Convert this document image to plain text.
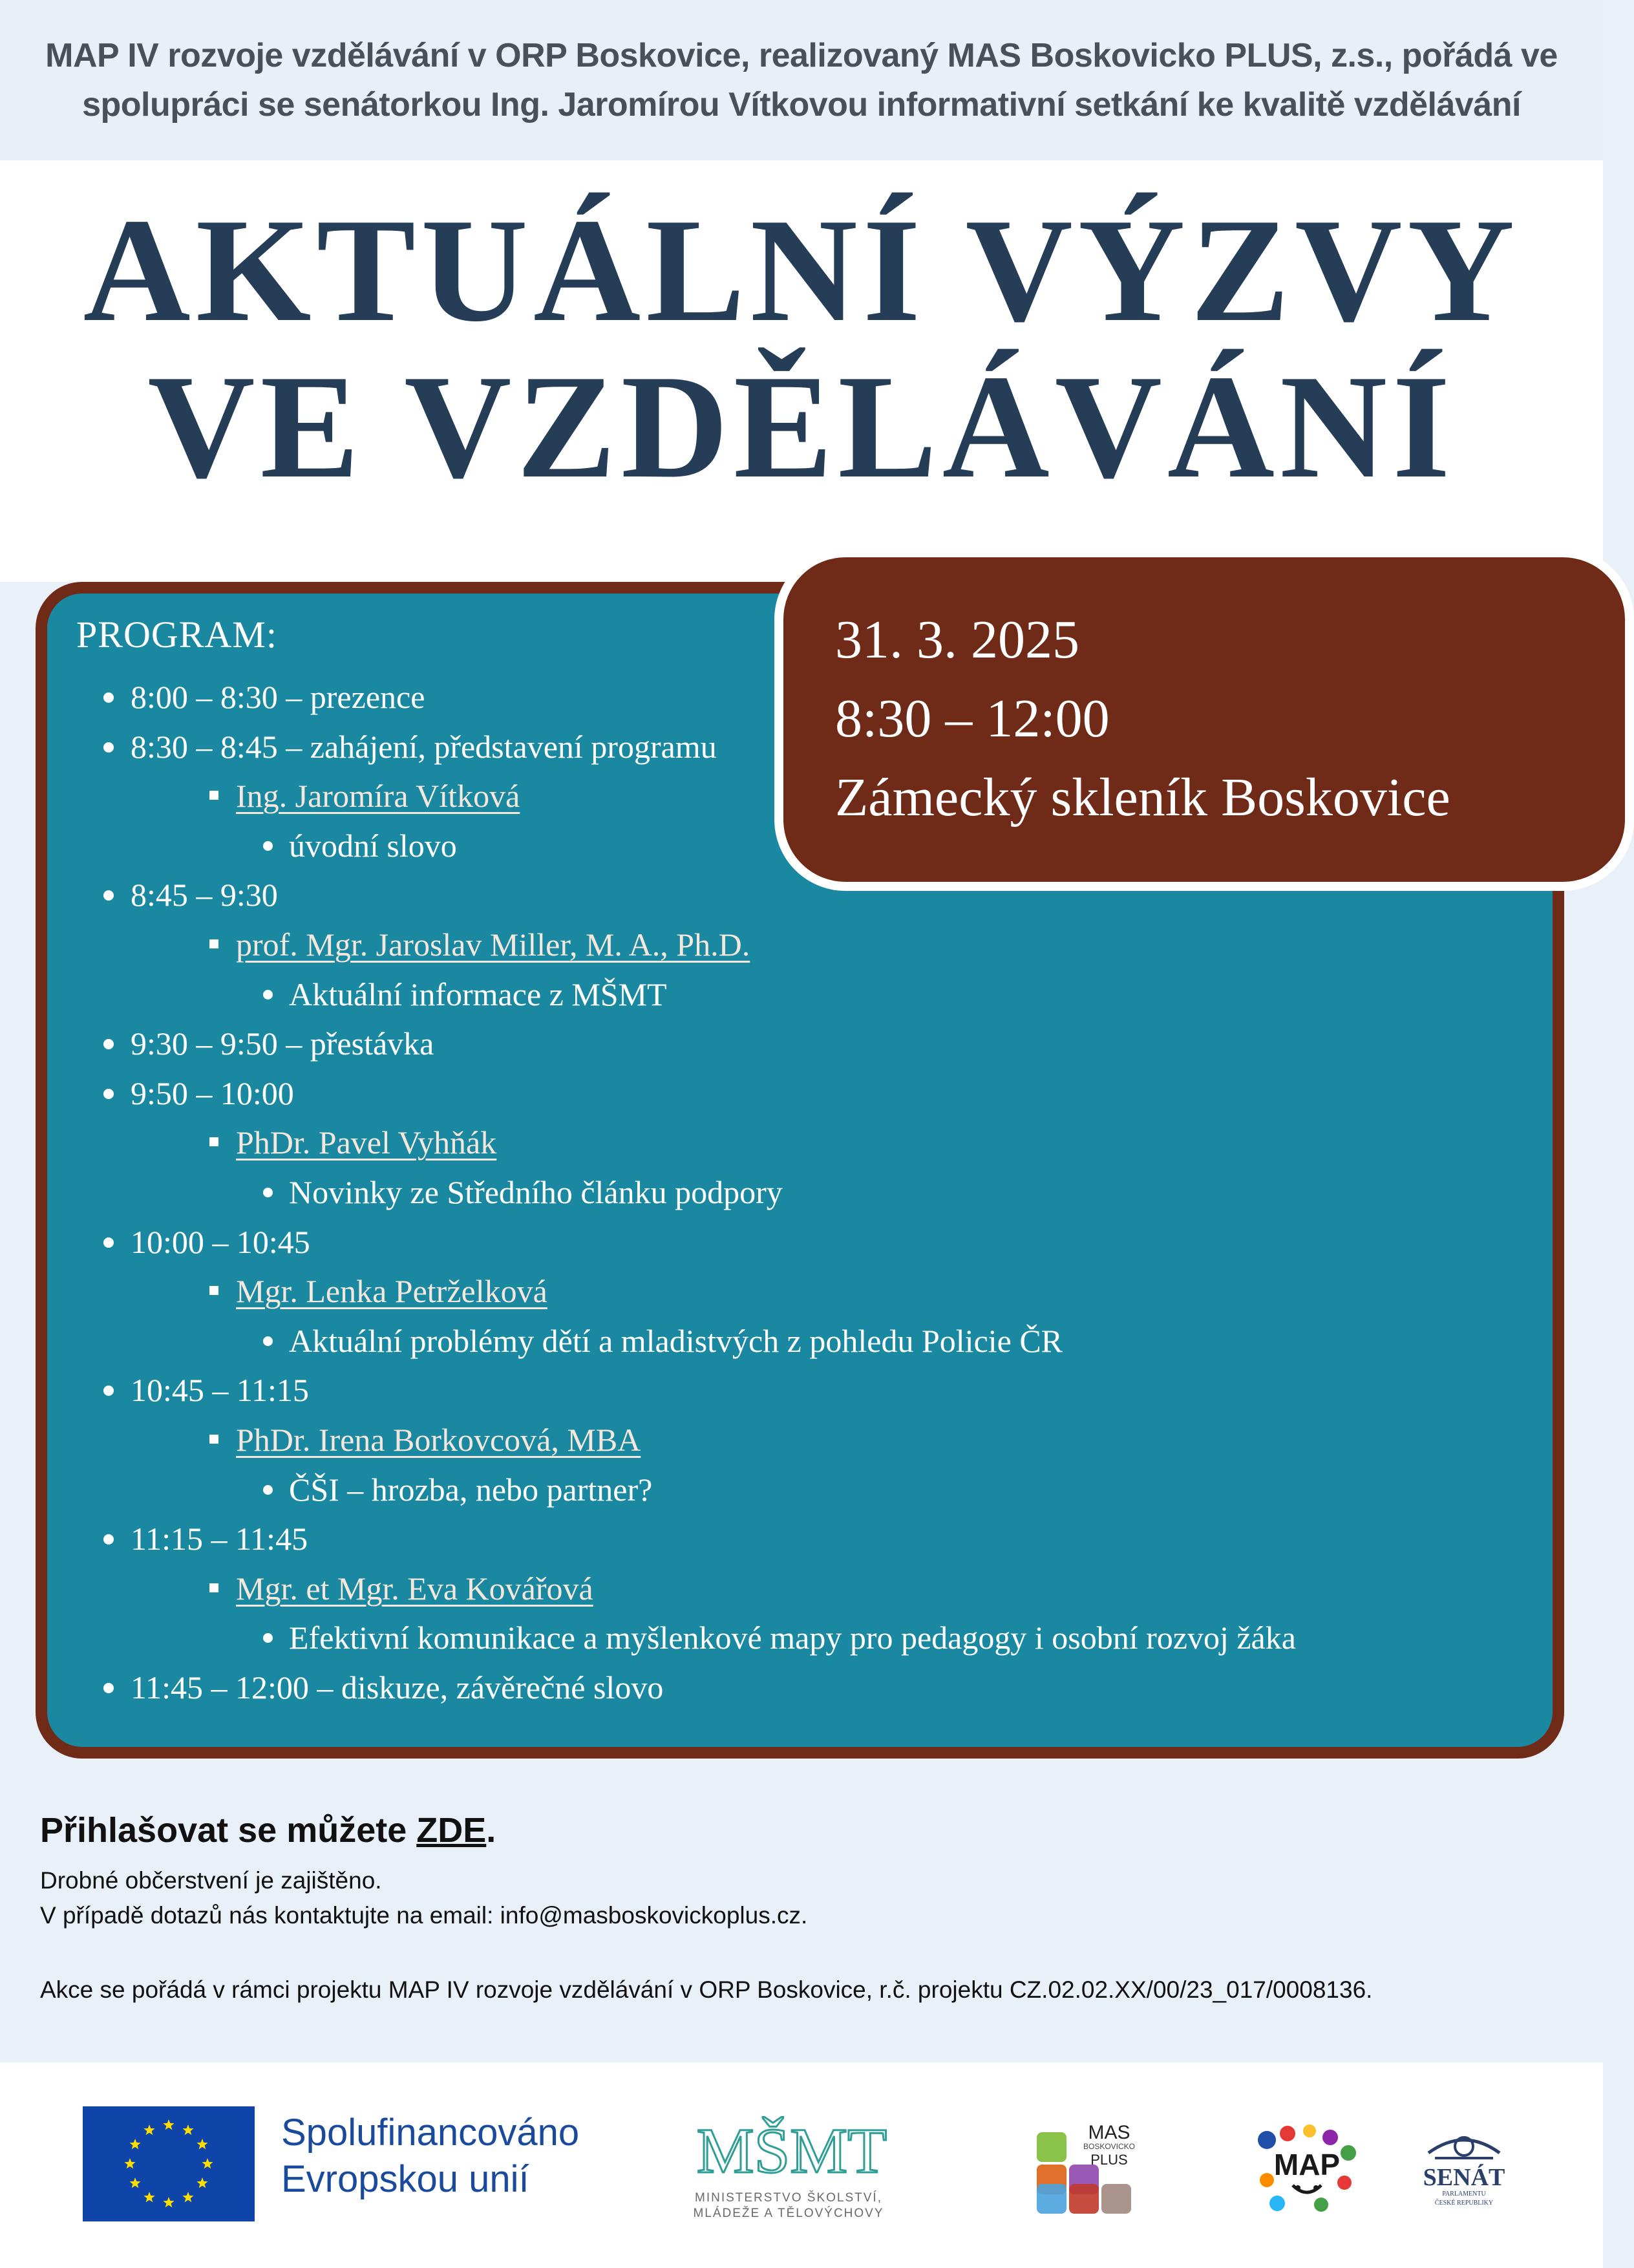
MAP IV rozvoje vzdělávání v ORP Boskovice, realizovaný MAS Boskovicko PLUS, z.s., pořádá ve
spolupráci se senátorkou Ing. Jaromírou Vítkovou informativní setkání ke kvalitě vzdělávání
AKTUÁLNÍ VÝZVY
VE VZDĚLÁVÁNÍ
PROGRAM:
8:00 – 8:30 – prezence
8:30 – 8:45 – zahájení, představení programu
Ing. Jaromíra Vítková
úvodní slovo
8:45 – 9:30
prof. Mgr. Jaroslav Miller, M. A., Ph.D.
Aktuální informace z MŠMT
9:30 – 9:50 – přestávka
9:50 – 10:00
PhDr. Pavel Vyhňák
Novinky ze Středního článku podpory
10:00 – 10:45
Mgr. Lenka Petrželková
Aktuální problémy dětí a mladistvých z pohledu Policie ČR
10:45 – 11:15
PhDr. Irena Borkovcová, MBA
ČŠI – hrozba, nebo partner?
11:15 – 11:45
Mgr. et Mgr. Eva Kovářová
Efektivní komunikace a myšlenkové mapy pro pedagogy i osobní rozvoj žáka
11:45 – 12:00 – diskuze, závěrečné slovo
31. 3. 2025
8:30 – 12:00
Zámecký skleník Boskovice
Přihlašovat se můžete ZDE.
Drobné občerstvení je zajištěno.
V případě dotazů nás kontaktujte na email: info@masboskovickoplus.cz.
Akce se pořádá v rámci projektu MAP IV rozvoje vzdělávání v ORP Boskovice, r.č. projektu CZ.02.02.XX/00/23_017/0008136.
Spolufinancováno
Evropskou unií	MŠMT
MINISTERSTVO ŠKOLSTVÍ,
MLÁDEŽE A TĚLOVÝCHOVY
MAS
BOSKOVICKO
PLUS	MAP	SENÁT
PARLAMENTU
ČESKÉ REPUBLIKY
